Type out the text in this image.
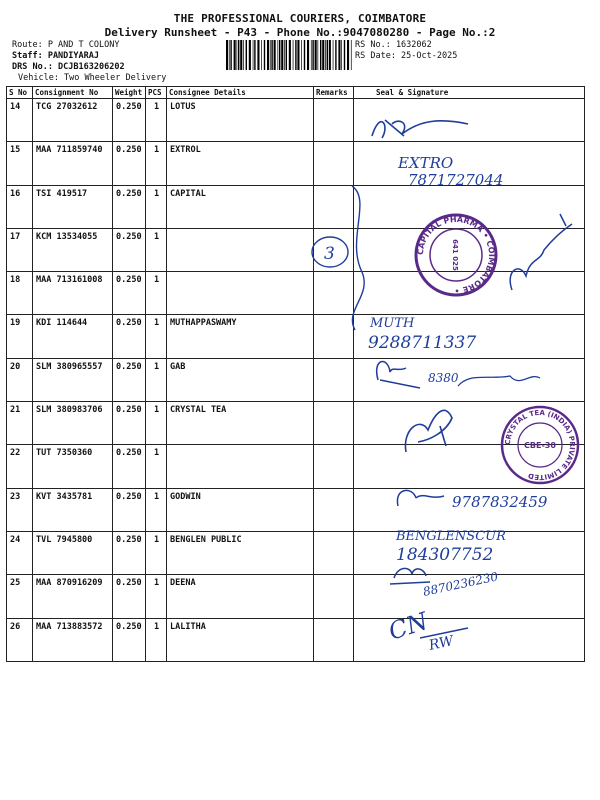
THE PROFESSIONAL COURIERS, COIMBATORE
Delivery Runsheet - P43 - Phone No.:9047080280 - Page No.:2
Route: P AND T COLONY
Staff: PANDIYARAJ
DRS No.: DCJB163206202
Vehicle: Two Wheeler Delivery
RS No.: 1632062
RS Date: 25-Oct-2025
S No	Consignment No	Weight	PCS	Consignee Details	Remarks	Seal & Signature
14	TCG 27032612	0.250	1	LOTUS		
15	MAA 711859740	0.250	1	EXTROL		
16	TSI 419517	0.250	1	CAPITAL		
17	KCM 13534055	0.250	1			
18	MAA 713161008	0.250	1			
19	KDI 114644	0.250	1	MUTHAPPASWAMY		
20	SLM 380965557	0.250	1	GAB		
21	SLM 380983706	0.250	1	CRYSTAL TEA		
22	TUT 7350360	0.250	1			
23	KVT 3435781	0.250	1	GODWIN		
24	TVL 7945800	0.250	1	BENGLEN PUBLIC		
25	MAA 870916209	0.250	1	DEENA		
26	MAA 713883572	0.250	1	LALITHA		
EXTRO
7871727044
3	CAPITAL PHARMA • COIMBATORE •
641 025
MUTH
9288711337
8380
CRYSTAL TEA (INDIA) PRIVATE LIMITED
CBE-30
9787832459
BENGLENSCUR
184307752
8870236230
CN
RW
